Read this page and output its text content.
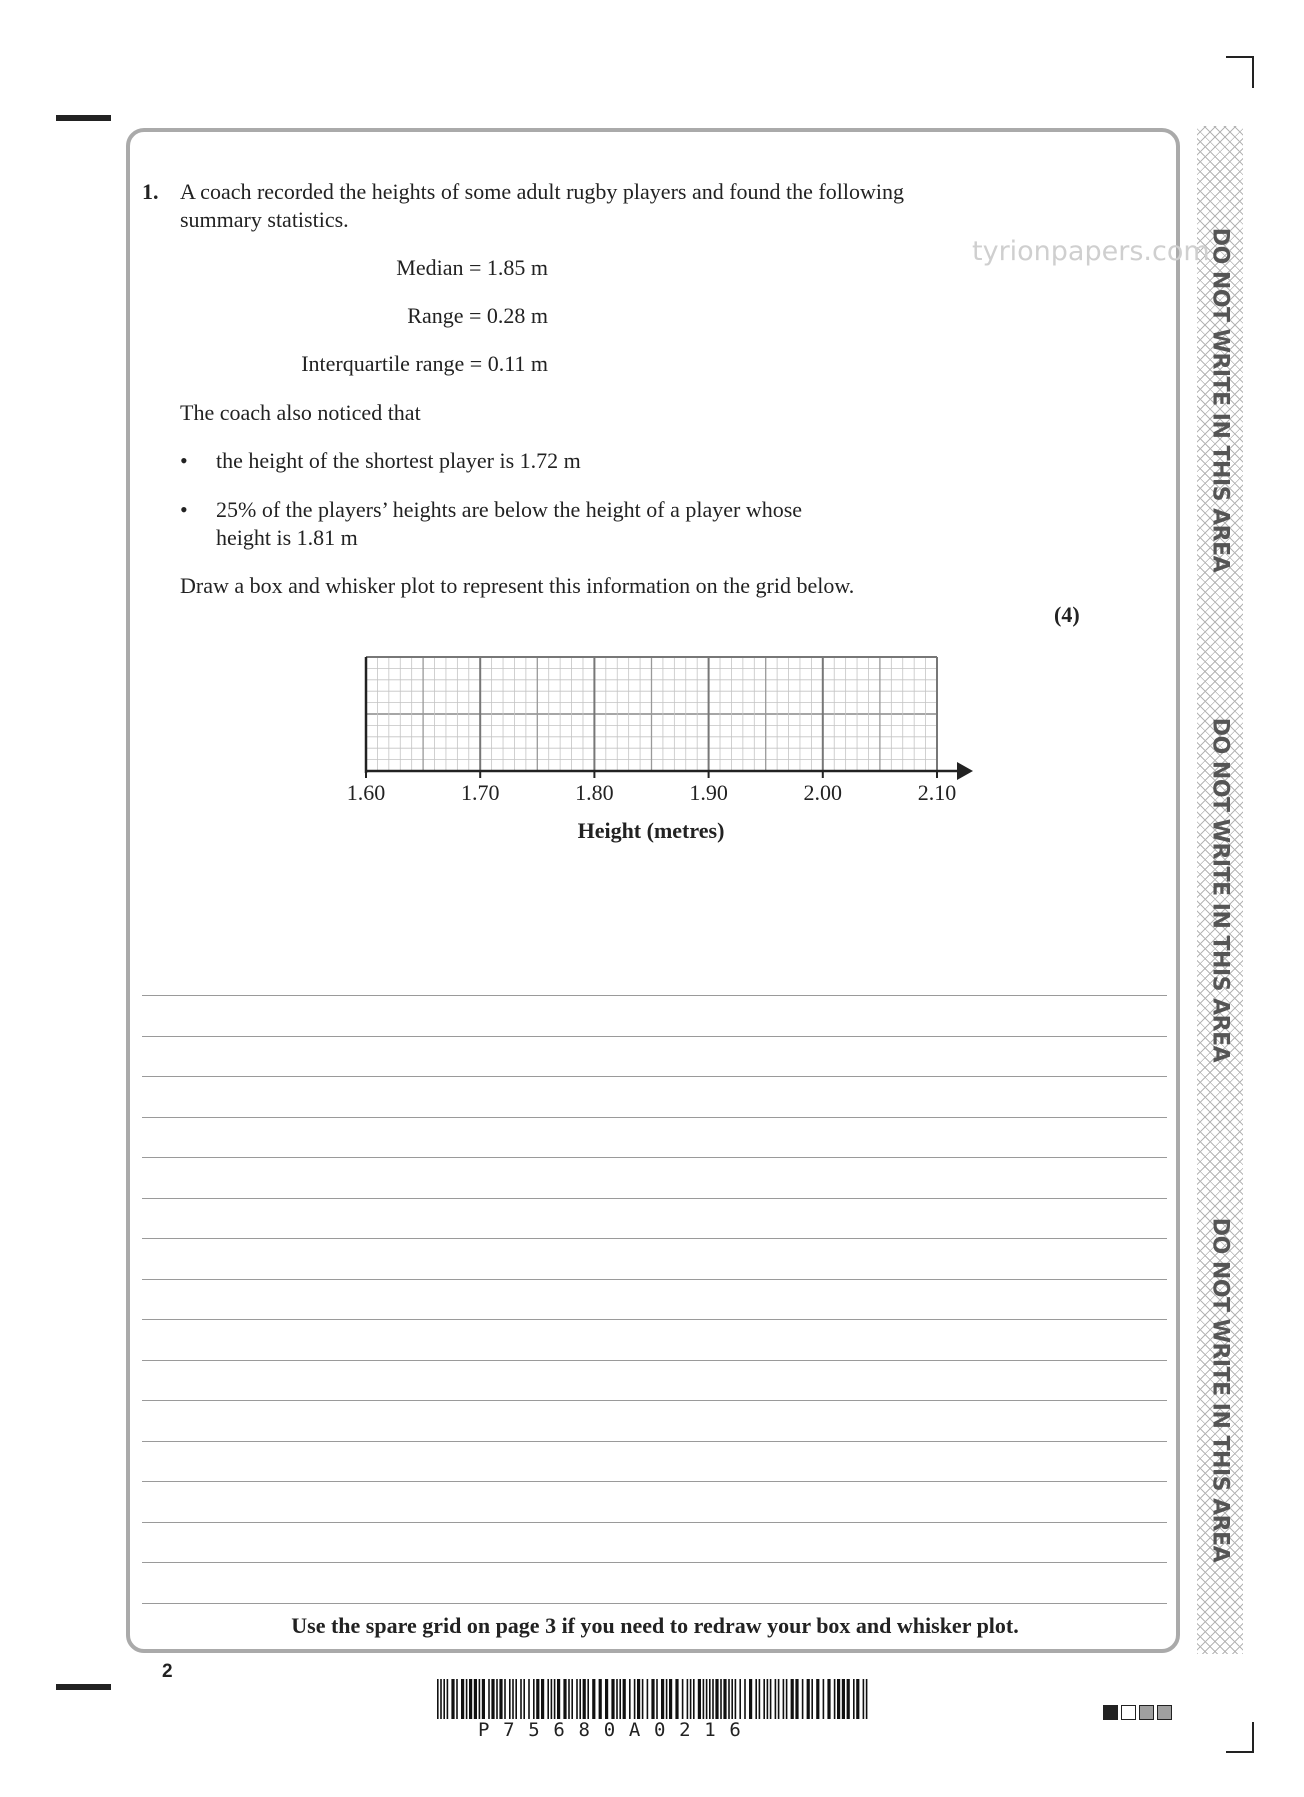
DO NOT WRITE IN THIS AREA
DO NOT WRITE IN THIS AREA
DO NOT WRITE IN THIS AREA
tyrionpapers.com
1. A coach recorded the heights of some adult rugby players and found the following
summary statistics.
Median = 1.85 m
Range = 0.28 m
Interquartile range = 0.11 m
The coach also noticed that
• the height of the shortest player is 1.72 m
• 25% of the players’ heights are below the height of a player whose
height is 1.81 m
Draw a box and whisker plot to represent this information on the grid below.
(4)
1.60	1.70	1.80	1.90	2.00	2.10
Height (metres)
Use the spare grid on page 3 if you need to redraw your box and whisker plot.
2
P75680A0216
